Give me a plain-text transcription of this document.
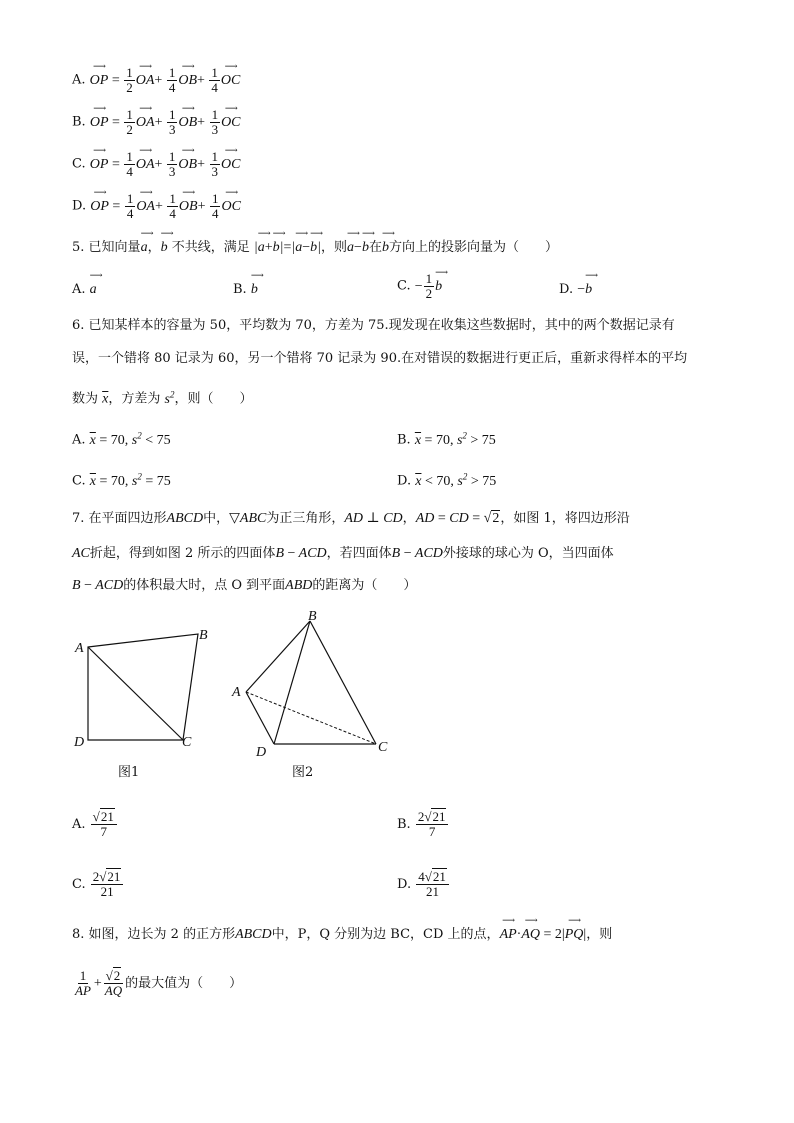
A. ⟶ OP = $\frac{1}{2}$ ⟶ $OA+ \frac{1}{4}$ ⟶ $OB+ \frac{1}{4}$ ⟶ OC
B. ⟶ OP = $\frac{1}{2}$ ⟶ $OA+ \frac{1}{3}$ ⟶ $OB+ \frac{1}{3}$ ⟶ OC
C. ⟶ OP = $\frac{1}{4}$ ⟶ $OA+ \frac{1}{3}$ ⟶ $OB+ \frac{1}{3}$ ⟶ OC
D. ⟶ OP = $\frac{1}{4}$ ⟶ $OA+ \frac{1}{4}$ ⟶ $OB+ \frac{1}{4}$ ⟶ OC
5. 已知向量⟶ a，⟶ b 不共线，满足 |⟶ a+⟶ b|=|⟶ a−⟶ b|，则⟶ a−⟶ b在⟶ b方向上的投影向量为（　　）
A. ⟶ a	B. ⟶ b	C. − $\frac{1}{2}$ ⟶ b	D. −⟶ b
6. 已知某样本的容量为 50，平均数为 70，方差为 75.现发现在收集这些数据时，其中的两个数据记录有
误，一个错将 80 记录为 60，另一个错将 70 记录为 90.在对错误的数据进行更正后，重新求得样本的平均
数为 $\overline{x}$，方差为 $s^2$，则（　　）
A. $\overline{x} = 70$, $s^2 < 75$	B. $\overline{x} = 70$, $s^2 > 75$
C. $\overline{x} = 70$, $s^2 = 75$	D. $\overline{x} < 70$, $s^2 > 75$
7. 在平面四边形ABCD中，▽ABC为正三角形，AD ⊥ CD，AD = CD = √2，如图 1，将四边形沿
AC折起，得到如图 2 所示的四面体B − ACD，若四面体B − ACD外接球的球心为 O，当四面体
B − ACD的体积最大时，点 O 到平面ABD的距离为（　　）
A
B
C
D
图1
B
A
D	C
图2
A. $\frac{√21}{7}$	B. $\frac{2√21}{7}$
C. $\frac{2√21}{21}$	D. $\frac{4√21}{21}$
8. 如图，边长为 2 的正方形ABCD中，P，Q 分别为边 BC，CD 上的点，⟶ AP·⟶ AQ = 2|⟶ PQ|，则
$\frac{1}{AP} + \frac{√2}{AQ}$ 的最大值为（　　）
